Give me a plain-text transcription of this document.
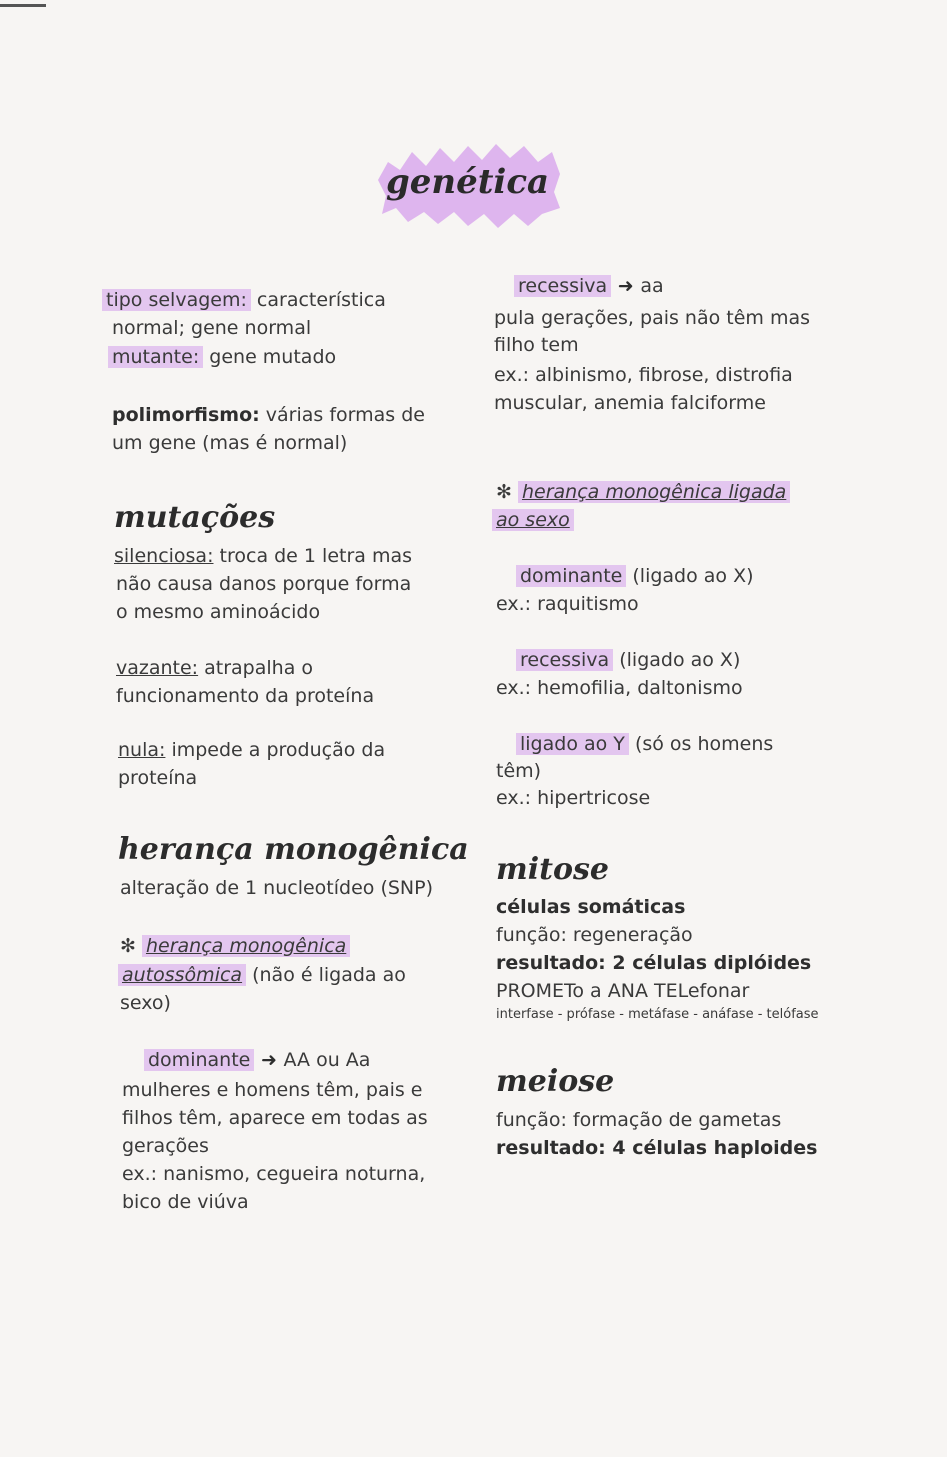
genética
tipo selvagem: característica
normal; gene normal
mutante: gene mutado
polimorfismo: várias formas de
um gene (mas é normal)
mutações
silenciosa: troca de 1 letra mas
não causa danos porque forma
o mesmo aminoácido
vazante: atrapalha o
funcionamento da proteína
nula: impede a produção da
proteína
herança monogênica
alteração de 1 nucleotídeo (SNP)
✻ herança monogênica
autossômica (não é ligada ao
sexo)
dominante ➜ AA ou Aa
mulheres e homens têm, pais e
filhos têm, aparece em todas as
gerações
ex.: nanismo, cegueira noturna,
bico de viúva
recessiva ➜ aa
pula gerações, pais não têm mas
filho tem
ex.: albinismo, fibrose, distrofia
muscular, anemia falciforme
✻ herança monogênica ligada
ao sexo
dominante (ligado ao X)
ex.: raquitismo
recessiva (ligado ao X)
ex.: hemofilia, daltonismo
ligado ao Y (só os homens
têm)
ex.: hipertricose
mitose
células somáticas
função: regeneração
resultado: 2 células diplóides
PROMETo a ANA TELefonar
interfase - prófase - metáfase - anáfase - telófase
meiose
função: formação de gametas
resultado: 4 células haploides
